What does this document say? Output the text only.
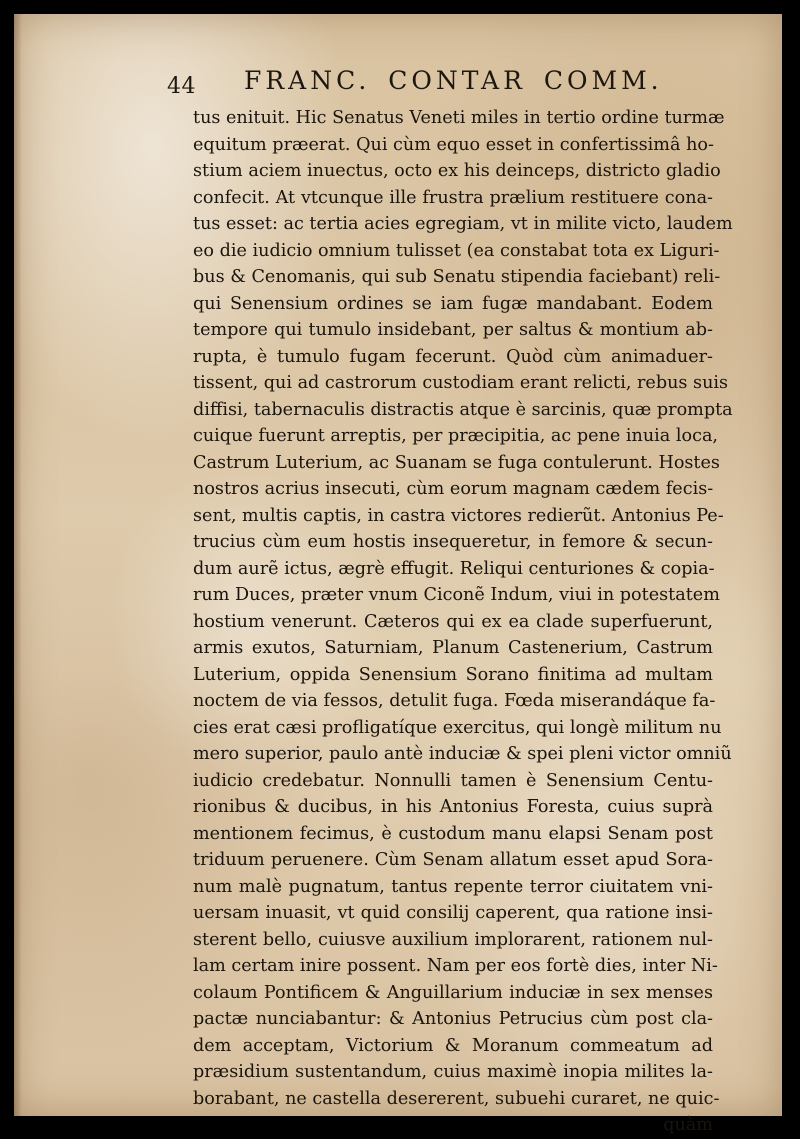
44 FRANC. CONTAR COMM.
tus enituit. Hic Senatus Veneti miles in tertio ordine turmæ
equitum præerat. Qui cùm equo esset in confertissimâ ho-
stium aciem inuectus, octo ex his deinceps, districto gladio
confecit. At vtcunque ille frustra prælium restituere cona-
tus esset: ac tertia acies egregiam, vt in milite victo, laudem
eo die iudicio omnium tulisset (ea constabat tota ex Liguri-
bus & Cenomanis, qui sub Senatu stipendia faciebant) reli-
qui Senensium ordines se iam fugæ mandabant. Eodem
tempore qui tumulo insidebant, per saltus & montium ab-
rupta, è tumulo fugam fecerunt. Quòd cùm animaduer-
tissent, qui ad castrorum custodiam erant relicti, rebus suis
diffisi, tabernaculis distractis atque è sarcinis, quæ prompta
cuique fuerunt arreptis, per præcipitia, ac pene inuia loca,
Castrum Luterium, ac Suanam se fuga contulerunt. Hostes
nostros acrius insecuti, cùm eorum magnam cædem fecis-
sent, multis captis, in castra victores redierũt. Antonius Pe-
trucius cùm eum hostis insequeretur, in femore & secun-
dum aurẽ ictus, ægrè effugit. Reliqui centuriones & copia-
rum Duces, præter vnum Ciconẽ Indum, viui in potestatem
hostium venerunt. Cæteros qui ex ea clade superfuerunt,
armis exutos, Saturniam, Planum Castenerium, Castrum
Luterium, oppida Senensium Sorano finitima ad multam
noctem de via fessos, detulit fuga. Fœda miserandáque fa-
cies erat cæsi profligatíque exercitus, qui longè militum nu
mero superior, paulo antè induciæ & spei pleni victor omniũ
iudicio credebatur. Nonnulli tamen è Senensium Centu-
rionibus & ducibus, in his Antonius Foresta, cuius suprà
mentionem fecimus, è custodum manu elapsi Senam post
triduum peruenere. Cùm Senam allatum esset apud Sora-
num malè pugnatum, tantus repente terror ciuitatem vni-
uersam inuasit, vt quid consilij caperent, qua ratione insi-
sterent bello, cuiusve auxilium implorarent, rationem nul-
lam certam inire possent. Nam per eos fortè dies, inter Ni-
colaum Pontificem & Anguillarium induciæ in sex menses
pactæ nunciabantur: & Antonius Petrucius cùm post cla-
dem acceptam, Victorium & Moranum commeatum ad
præsidium sustentandum, cuius maximè inopia milites la-
borabant, ne castella desererent, subuehi curaret, ne quic-
quàm
